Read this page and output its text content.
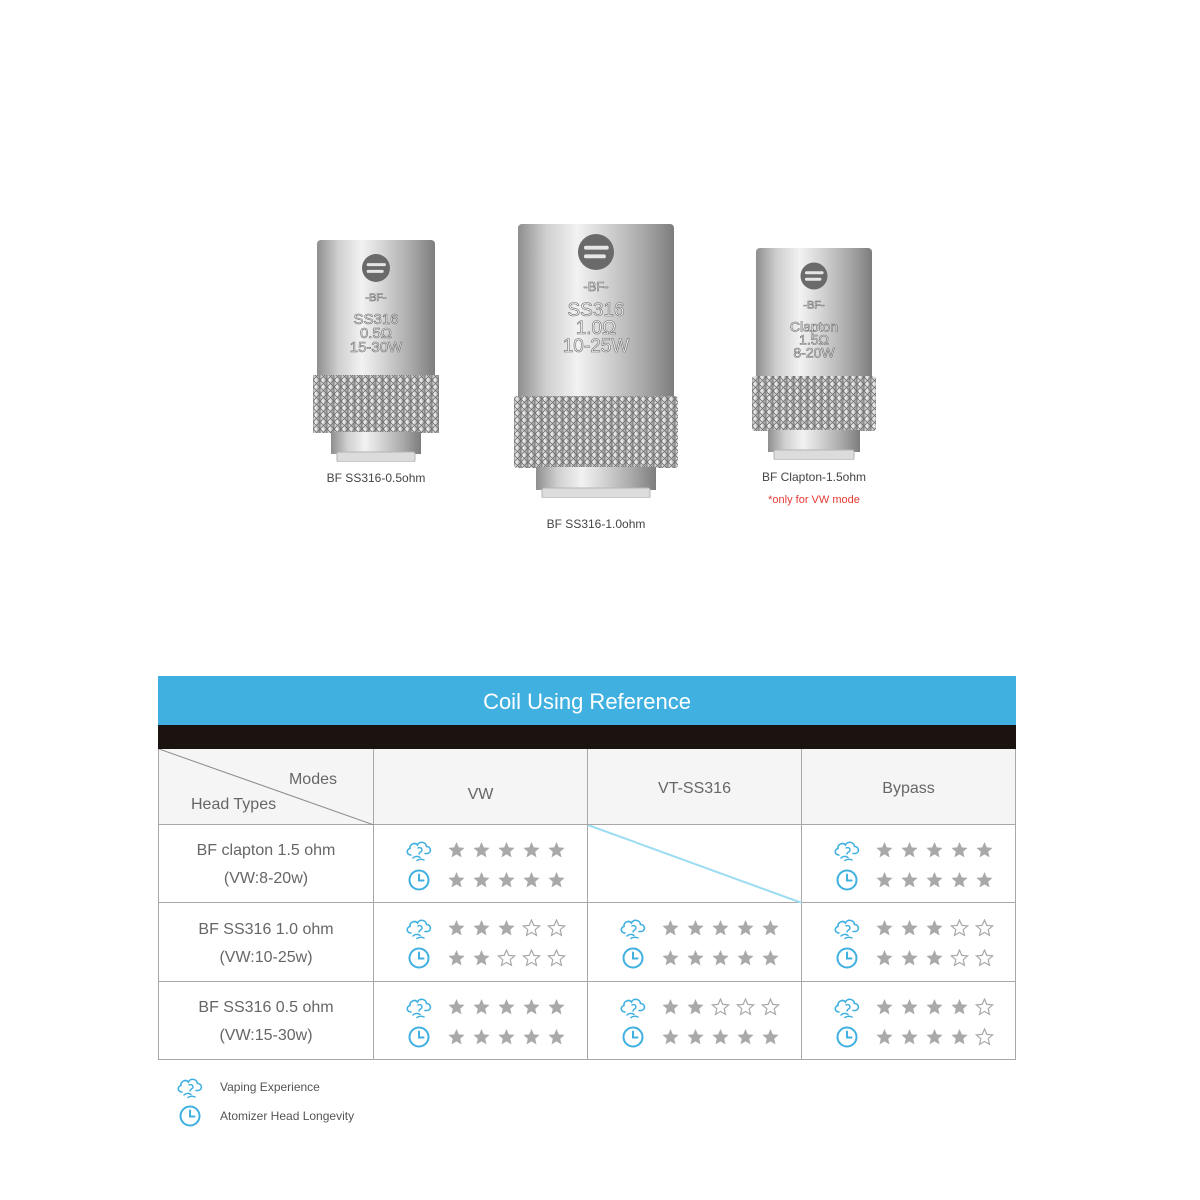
-BF-
SS316
0.5Ω
15-30W
BF SS316-0.5ohm
-BF-
SS316
1.0Ω
10-25W
BF SS316-1.0ohm
-BF-
Clapton
1.5Ω
8-20W
BF Clapton-1.5ohm
*only for VW mode
Coil Using Reference
Modes
Head Types
VW	VT-SS316	Bypass
BF clapton 1.5 ohm
(VW:8-20w)
BF SS316 1.0 ohm
(VW:10-25w)
BF SS316 0.5 ohm
(VW:15-30w)
Vaping Experience
Atomizer Head Longevity
